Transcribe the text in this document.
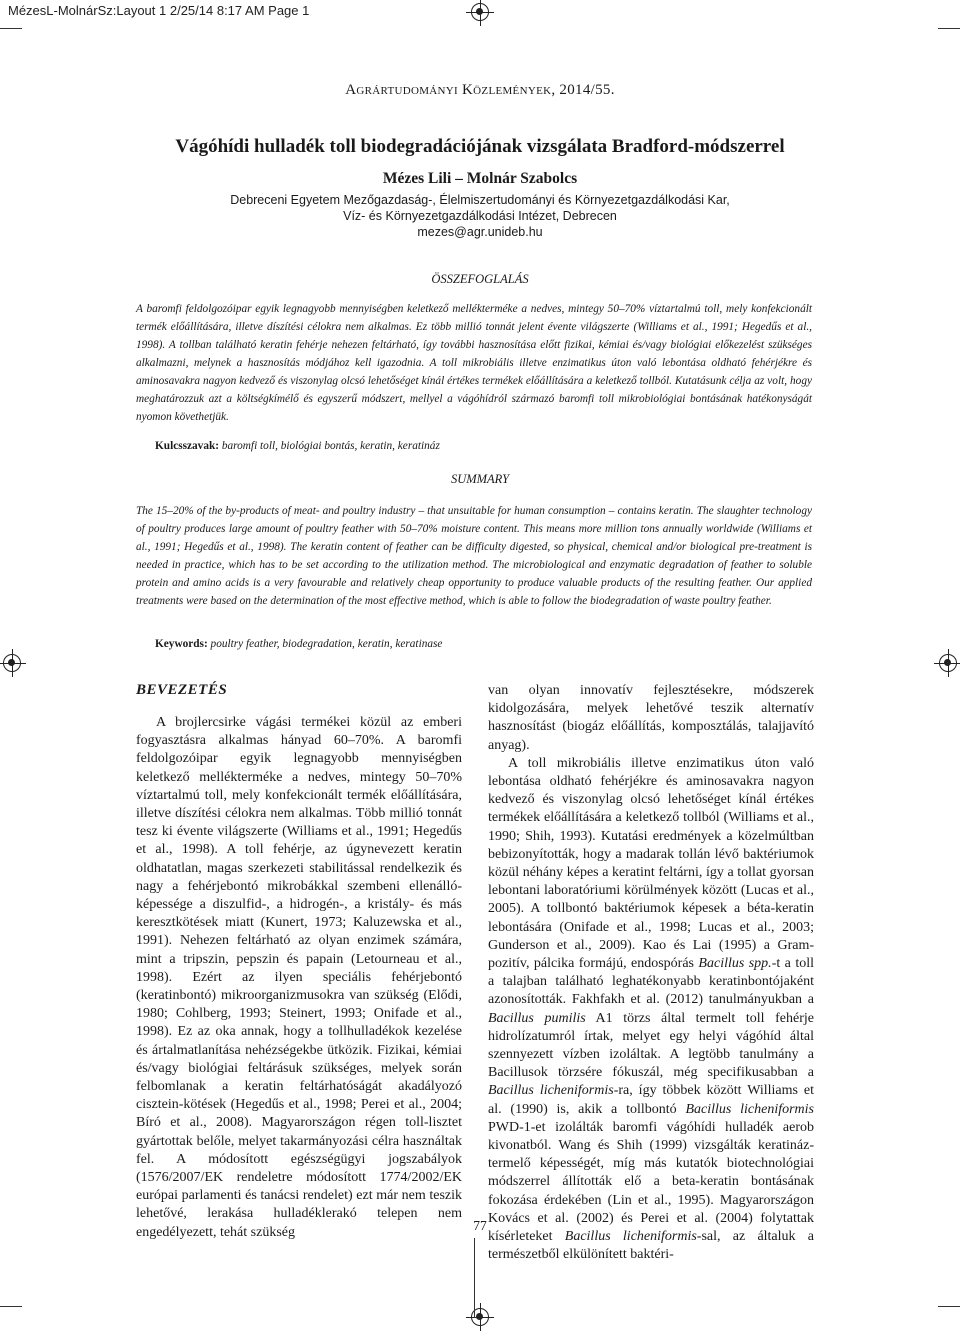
MézesL-MolnárSz:Layout 1 2/25/14 8:17 AM Page 1
Agrártudományi Közlemények, 2014/55.
Vágóhídi hulladék toll biodegradációjának vizsgálata Bradford-módszerrel
Mézes Lili – Molnár Szabolcs
Debreceni Egyetem Mezőgazdaság-, Élelmiszertudományi és Környezetgazdálkodási Kar,
Víz- és Környezetgazdálkodási Intézet, Debrecen
mezes@agr.unideb.hu
ÖSSZEFOGLALÁS

A baromfi feldolgozóipar egyik legnagyobb mennyiségben keletkező mellékterméke a nedves, mintegy 50–70% víztartalmú toll, mely konfekcionált termék előállítására, illetve díszítési célokra nem alkalmas. Ez több millió tonnát jelent évente világszerte (Williams et al., 1991; Hegedűs et al., 1998). A tollban található keratin fehérje nehezen feltárható, így további hasznosítása előtt fizikai, kémiai és/vagy biológiai előkezelést szükséges alkalmazni, melynek a hasznosítás módjához kell igazodnia. A toll mikrobiális illetve enzimatikus úton való lebontása oldható fehérjékre és aminosavakra nagyon kedvező és viszonylag olcsó lehetőséget kínál értékes termékek előállítására a keletkező tollból. Kutatásunk célja az volt, hogy meghatározzuk azt a költségkímélő és egyszerű módszert, mellyel a vágóhídról származó baromfi toll mikrobiológiai bontásának hatékonyságát nyomon követhetjük.

Kulcsszavak: baromfi toll, biológiai bontás, keratin, keratináz
SUMMARY

The 15–20% of the by-products of meat- and poultry industry – that unsuitable for human consumption – contains keratin. The slaughter technology of poultry produces large amount of poultry feather with 50–70% moisture content. This means more million tons annually worldwide (Williams et al., 1991; Hegedűs et al., 1998). The keratin content of feather can be difficulty digested, so physical, chemical and/or biological pre-treatment is needed in practice, which has to be set according to the utilization method. The microbiological and enzymatic degradation of feather to soluble protein and amino acids is a very favourable and relatively cheap opportunity to produce valuable products of the resulting feather. Our applied treatments were based on the determination of the most effective method, which is able to follow the biodegradation of waste poultry feather.

Keywords: poultry feather, biodegradation, keratin, keratinase
BEVEZETÉS

A brojlercsirke vágási termékei közül az emberi fogyasztásra alkalmas hányad 60–70%. A baromfi feldolgozóipar egyik legnagyobb mennyiségben keletkező mellékterméke a nedves, mintegy 50–70% víztartalmú toll, mely konfekcionált termék előállítására, illetve díszítési célokra nem alkalmas. Több millió tonnát tesz ki évente világszerte (Williams et al., 1991; Hegedűs et al., 1998). A toll fehérje, az úgynevezett keratin oldhatatlan, magas szerkezeti stabilitással rendelkezik és nagy a fehérjebontó mikrobákkal szembeni ellenálló-képessége a diszulfid-, a hidrogén-, a kristály- és más keresztkötések miatt (Kunert, 1973; Kaluzewska et al., 1991). Nehezen feltárható az olyan enzimek számára, mint a tripszin, pepszin és papain (Letourneau et al., 1998). Ezért az ilyen speciális fehérjebontó (keratinbontó) mikroorganizmusokra van szükség (Elődi, 1980; Cohlberg, 1993; Steinert, 1993; Onifade et al., 1998). Ez az oka annak, hogy a tollhulladékok kezelése és ártalmatlanítása nehézségekbe ütközik. Fizikai, kémiai és/vagy biológiai feltárásuk szükséges, melyek során felbomlanak a keratin feltárhatóságát akadályozó cisztein-kötések (Hegedűs et al., 1998; Perei et al., 2004; Bíró et al., 2008). Magyarországon régen toll-lisztet gyártottak belőle, melyet takarmányozási célra használtak fel. A módosított egészségügyi jogszabályok (1576/2007/EK rendeletre módosított 1774/2002/EK európai parlamenti és tanácsi rendelet) ezt már nem teszik lehetővé, lerakása hulladéklerakó telepen nem engedélyezett, tehát szükség

van olyan innovatív fejlesztésekre, módszerek kidolgozására, melyek lehetővé teszik alternatív hasznosítást (biogáz előállítás, komposztálás, talajjavító anyag).

A toll mikrobiális illetve enzimatikus úton való lebontása oldható fehérjékre és aminosavakra nagyon kedvező és viszonylag olcsó lehetőséget kínál értékes termékek előállítására a keletkező tollból (Williams et al., 1990; Shih, 1993). Kutatási eredmények a közelmúltban bebizonyították, hogy a madarak tollán lévő baktériumok közül néhány képes a keratint feltárni, így a tollat gyorsan lebontani laboratóriumi körülmények között (Lucas et al., 2005). A tollbontó baktériumok képesek a béta-keratin lebontására (Onifade et al., 1998; Lucas et al., 2003; Gunderson et al., 2009). Kao és Lai (1995) a Gram-pozitív, pálcika formájú, endospórás Bacillus spp.-t a toll a talajban található leghatékonyabb keratinbontójaként azonosították. Fakhfakh et al. (2012) tanulmányukban a Bacillus pumilis A1 törzs által termelt toll fehérje hidrolízatumról írtak, melyet egy helyi vágóhíd által szennyezett vízben izoláltak. A legtöbb tanulmány a Bacillusok törzsére fókuszál, még specifikusabban a Bacillus licheniformis-ra, így többek között Williams et al. (1990) is, akik a tollbontó Bacillus licheniformis PWD-1-et izolálták baromfi vágóhídi hulladék aerob kivonatból. Wang és Shih (1999) vizsgálták keratináz-termelő képességét, míg más kutatók biotechnológiai módszerrel állították elő a beta-keratin bontásának fokozása érdekében (Lin et al., 1995). Magyarországon Kovács et al. (2002) és Perei et al. (2004) folytattak kísérleteket Bacillus licheniformis-sal, az általuk a természetből elkülönített baktéri-

77
